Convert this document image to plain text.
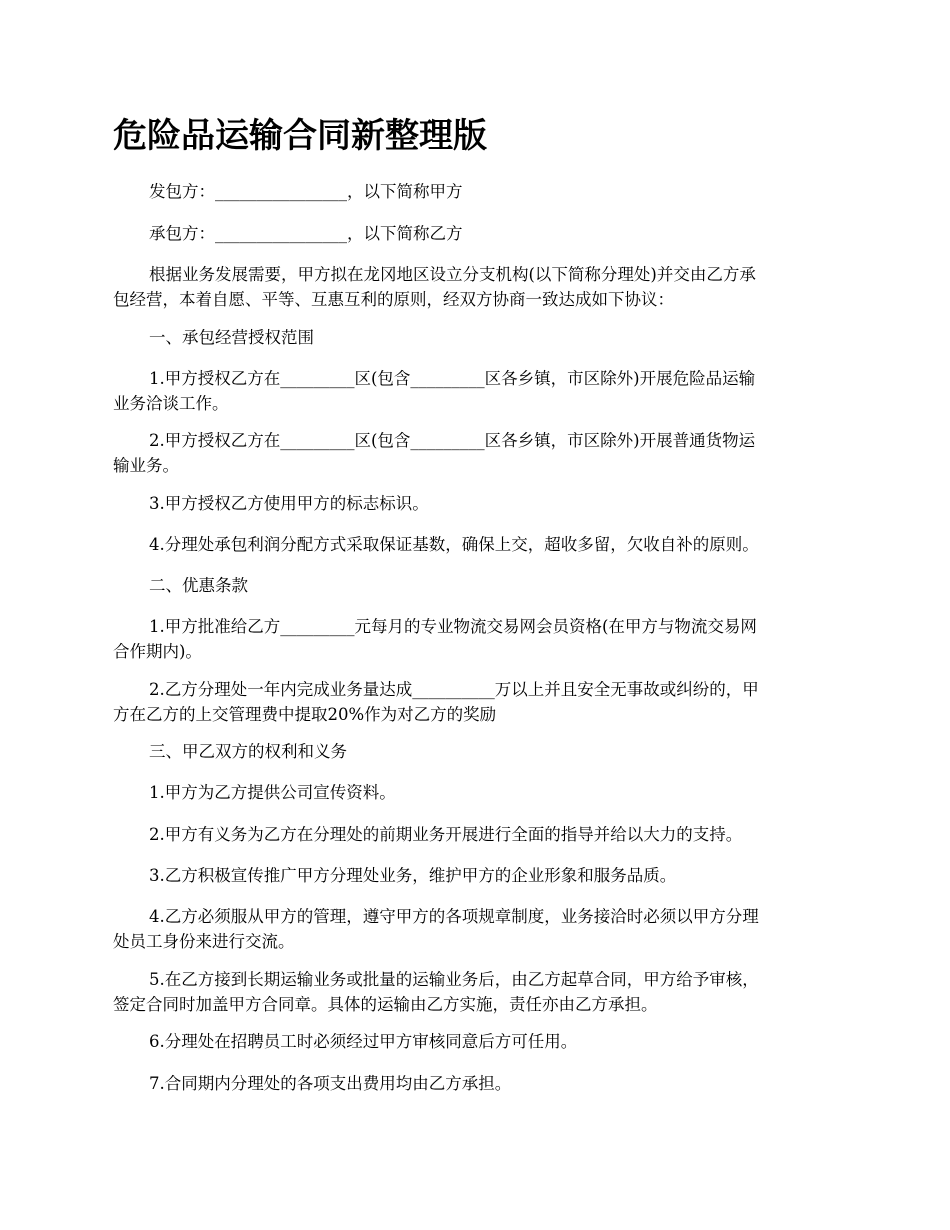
危险品运输合同新整理版

发包方：________________，以下简称甲方

承包方：________________，以下简称乙方

根据业务发展需要，甲方拟在龙冈地区设立分支机构(以下简称分理处)并交由乙方承
包经营，本着自愿、平等、互惠互利的原则，经双方协商一致达成如下协议：

一、承包经营授权范围

1.甲方授权乙方在_________区(包含_________区各乡镇，市区除外)开展危险品运输
业务洽谈工作。

2.甲方授权乙方在_________区(包含_________区各乡镇，市区除外)开展普通货物运
输业务。

3.甲方授权乙方使用甲方的标志标识。

4.分理处承包利润分配方式采取保证基数，确保上交，超收多留，欠收自补的原则。

二、优惠条款

1.甲方批准给乙方_________元每月的专业物流交易网会员资格(在甲方与物流交易网
合作期内)。

2.乙方分理处一年内完成业务量达成__________万以上并且安全无事故或纠纷的，甲
方在乙方的上交管理费中提取20%作为对乙方的奖励

三、甲乙双方的权利和义务

1.甲方为乙方提供公司宣传资料。

2.甲方有义务为乙方在分理处的前期业务开展进行全面的指导并给以大力的支持。

3.乙方积极宣传推广甲方分理处业务，维护甲方的企业形象和服务品质。

4.乙方必须服从甲方的管理，遵守甲方的各项规章制度，业务接洽时必须以甲方分理
处员工身份来进行交流。

5.在乙方接到长期运输业务或批量的运输业务后，由乙方起草合同，甲方给予审核，
签定合同时加盖甲方合同章。具体的运输由乙方实施，责任亦由乙方承担。

6.分理处在招聘员工时必须经过甲方审核同意后方可任用。

7.合同期内分理处的各项支出费用均由乙方承担。
